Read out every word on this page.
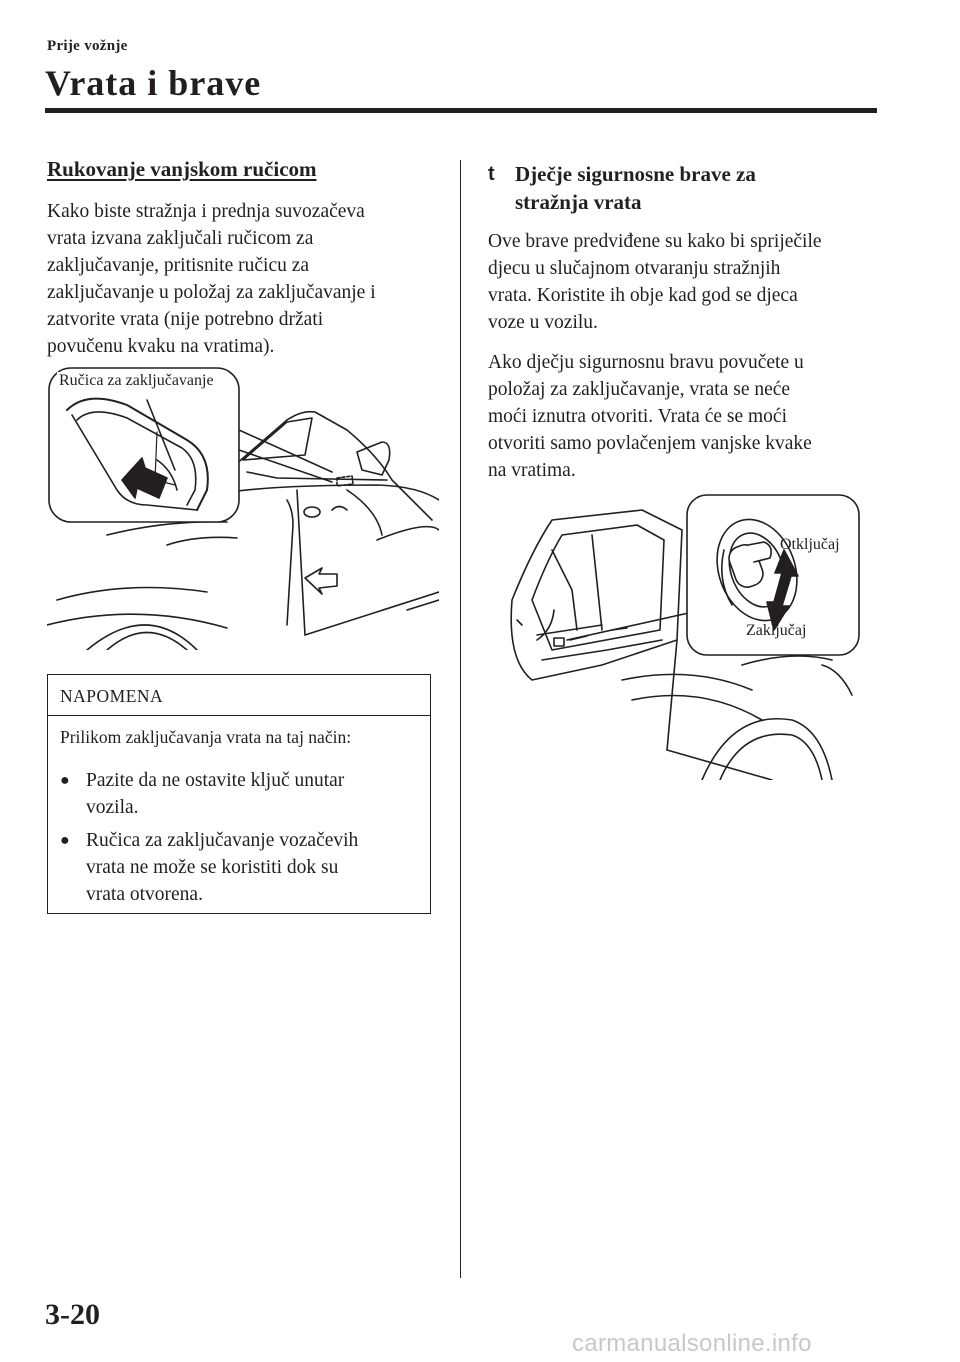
Prije vožnje
Vrata i brave
Rukovanje vanjskom ručicom

Kako biste stražnja i prednja suvozačeva

vrata izvana zaključali ručicom za

zaključavanje, pritisnite ručicu za

zaključavanje u položaj za zaključavanje i

zatvorite vrata (nije potrebno držati

povučenu kvaku na vratima).

Ručica za zaključavanje
NAPOMENA
Prilikom zaključavanja vrata na taj način:
● Pazite da ne ostavite ključ unutar

vozila.

● Ručica za zaključavanje vozačevih

vrata ne može se koristiti dok su

vrata otvorena.

t Dječje sigurnosne brave za

stražnja vrata

Ove brave predviđene su kako bi spriječile

djecu u slučajnom otvaranju stražnjih

vrata. Koristite ih obje kad god se djeca

voze u vozilu.

Ako dječju sigurnosnu bravu povučete u

položaj za zaključavanje, vrata se neće

moći iznutra otvoriti. Vrata će se moći

otvoriti samo povlačenjem vanjske kvake

na vratima.

Otključaj
Zaključaj
3-20
carmanualsonline.info
